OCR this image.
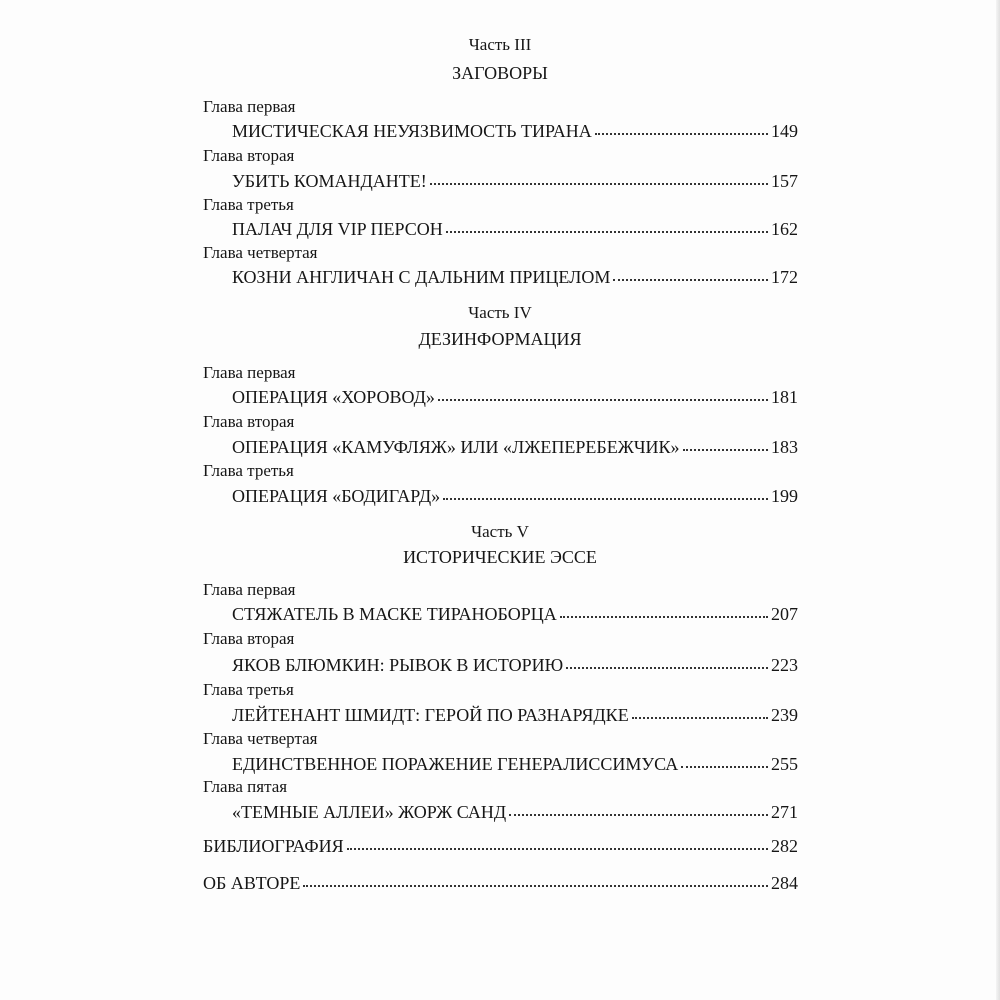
Часть III
ЗАГОВОРЫ
Глава первая
МИСТИЧЕСКАЯ НЕУЯЗВИМОСТЬ ТИРАНА	149
Глава вторая
УБИТЬ КОМАНДАНТЕ!	157
Глава третья
ПАЛАЧ ДЛЯ VIP ПЕРСОН	162
Глава четвертая
КОЗНИ АНГЛИЧАН С ДАЛЬНИМ ПРИЦЕЛОМ	172
Часть IV
ДЕЗИНФОРМАЦИЯ
Глава первая
ОПЕРАЦИЯ «ХОРОВОД»	181
Глава вторая
ОПЕРАЦИЯ «КАМУФЛЯЖ» ИЛИ «ЛЖЕПЕРЕБЕЖЧИК»	183
Глава третья
ОПЕРАЦИЯ «БОДИГАРД»	199
Часть V
ИСТОРИЧЕСКИЕ ЭССЕ
Глава первая
СТЯЖАТЕЛЬ В МАСКЕ ТИРАНОБОРЦА	207
Глава вторая
ЯКОВ БЛЮМКИН: РЫВОК В ИСТОРИЮ	223
Глава третья
ЛЕЙТЕНАНТ ШМИДТ: ГЕРОЙ ПО РАЗНАРЯДКЕ	239
Глава четвертая
ЕДИНСТВЕННОЕ ПОРАЖЕНИЕ ГЕНЕРАЛИССИМУСА	255
Глава пятая
«ТЕМНЫЕ АЛЛЕИ» ЖОРЖ САНД	271
БИБЛИОГРАФИЯ	282
ОБ АВТОРЕ	284
